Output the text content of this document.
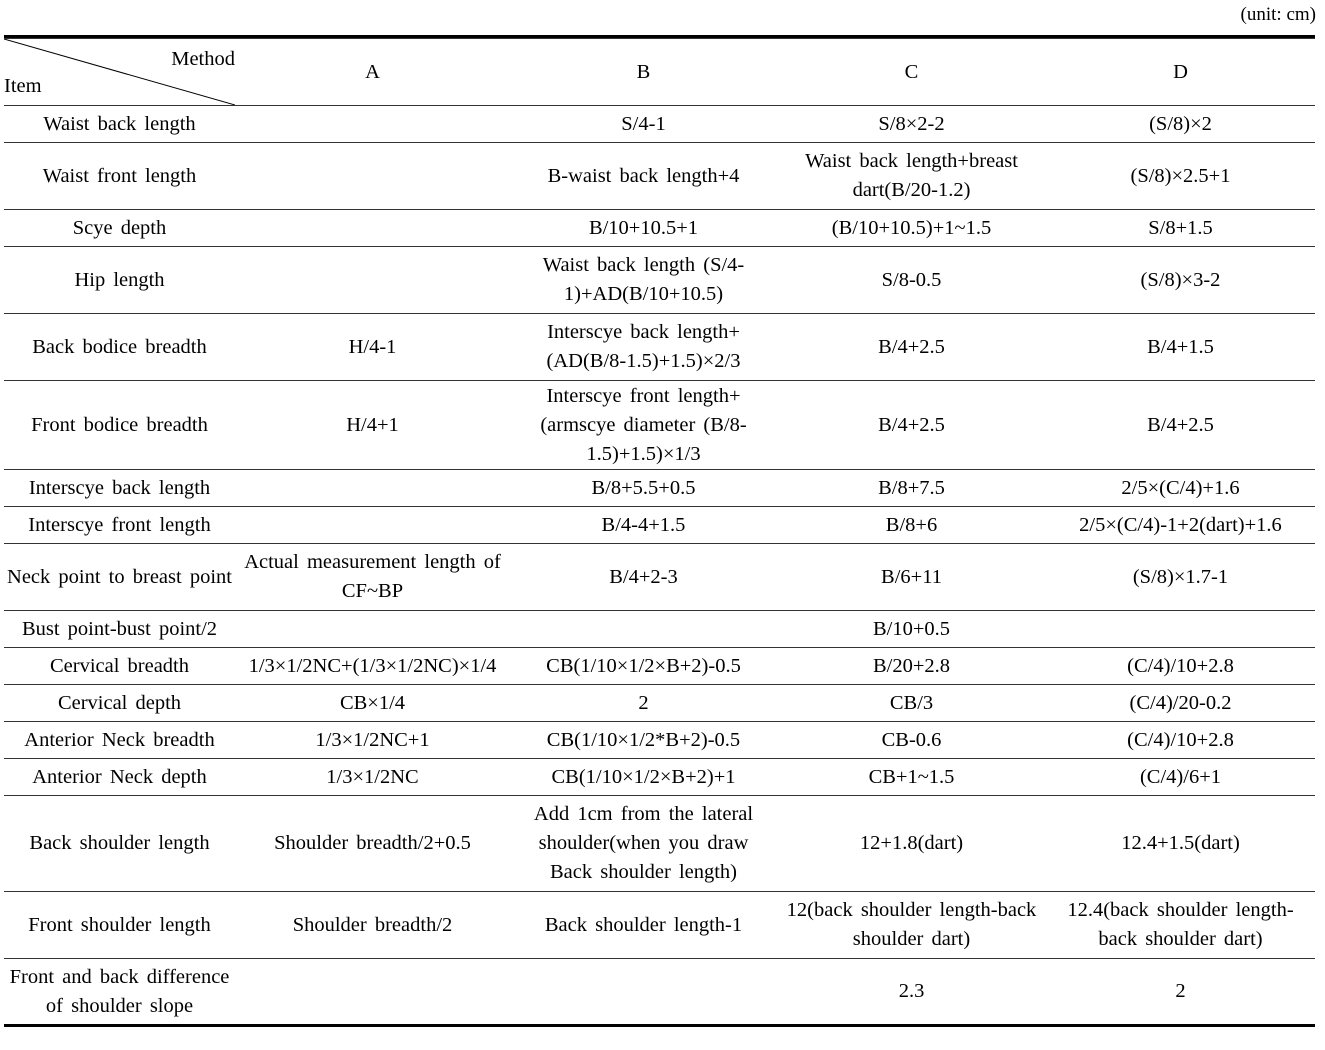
(unit: cm)

Method
Item	A	B	C	D
Waist back length		S/4-1	S/8×2-2	(S/8)×2
Waist front length		B-waist back length+4	Waist back length+breast dart(B/20-1.2)	(S/8)×2.5+1
Scye depth		B/10+10.5+1	(B/10+10.5)+1~1.5	S/8+1.5
Hip length		Waist back length (S/4-1)+AD(B/10+10.5)	S/8-0.5	(S/8)×3-2
Back bodice breadth	H/4-1	Interscye back length+ (AD(B/8-1.5)+1.5)×2/3	B/4+2.5	B/4+1.5
Front bodice breadth	H/4+1	Interscye front length+(armscye diameter (B/8-1.5)+1.5)×1/3	B/4+2.5	B/4+2.5
Interscye back length		B/8+5.5+0.5	B/8+7.5	2/5×(C/4)+1.6
Interscye front length		B/4-4+1.5	B/8+6	2/5×(C/4)-1+2(dart)+1.6
Neck point to breast point	Actual measurement length of CF~BP	B/4+2-3	B/6+11	(S/8)×1.7-1
Bust point-bust point/2			B/10+0.5	
Cervical breadth	1/3×1/2NC+(1/3×1/2NC)×1/4	CB(1/10×1/2×B+2)-0.5	B/20+2.8	(C/4)/10+2.8
Cervical depth	CB×1/4	2	CB/3	(C/4)/20-0.2
Anterior Neck breadth	1/3×1/2NC+1	CB(1/10×1/2*B+2)-0.5	CB-0.6	(C/4)/10+2.8
Anterior Neck depth	1/3×1/2NC	CB(1/10×1/2×B+2)+1	CB+1~1.5	(C/4)/6+1
Back shoulder length	Shoulder breadth/2+0.5	Add 1cm from the lateral shoulder(when you draw Back shoulder length)	12+1.8(dart)	12.4+1.5(dart)
Front shoulder length	Shoulder breadth/2	Back shoulder length-1	12(back shoulder length-back shoulder dart)	12.4(back shoulder length-back shoulder dart)
Front and back difference of shoulder slope			2.3	2
